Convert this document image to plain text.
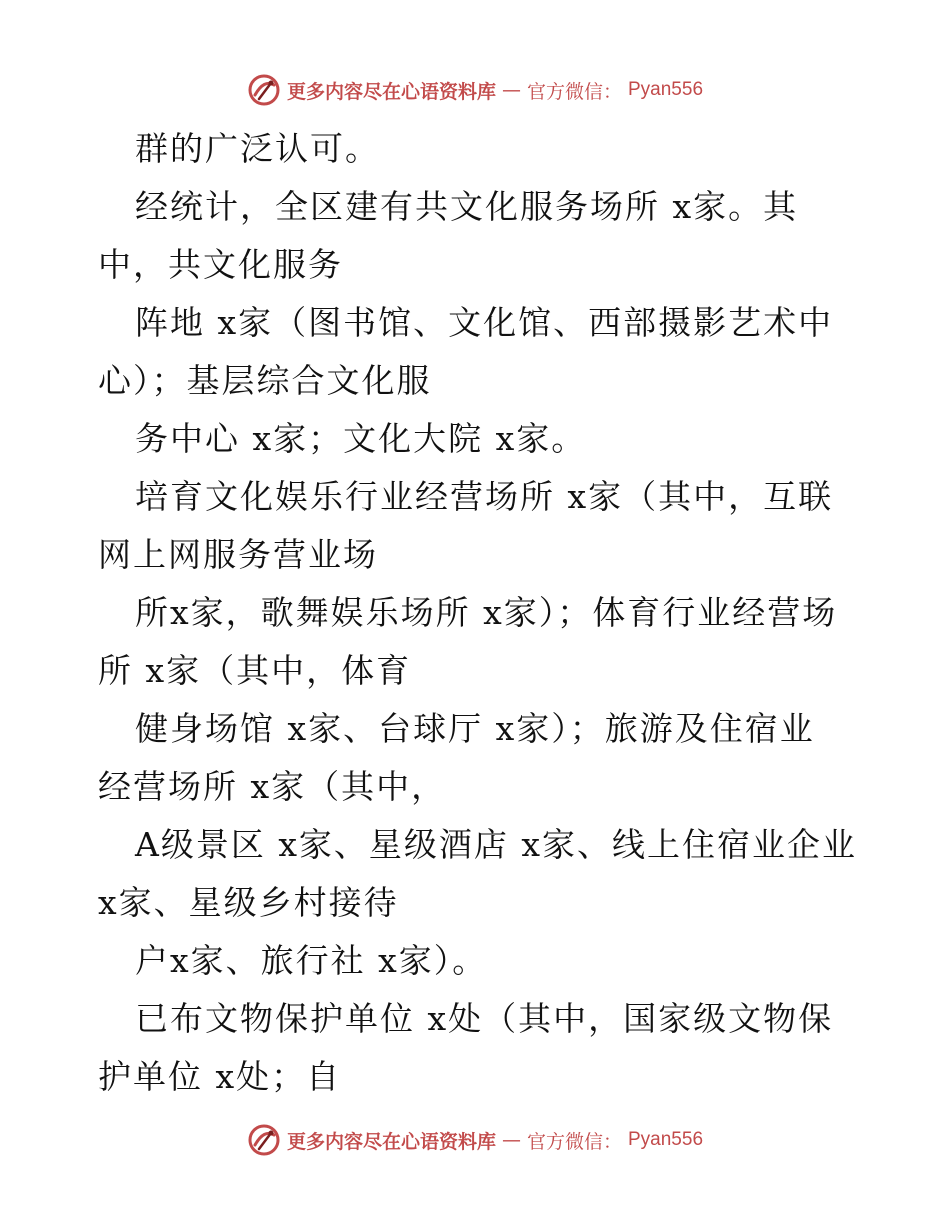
更多内容尽在心语资料库 — 官方微信： Pyan556
群的广泛认可。
经统计，全区建有共文化服务场所 x家。其
中，共文化服务
阵地 x家（图书馆、文化馆、西部摄影艺术中
心）；基层综合文化服
务中心 x家；文化大院 x家。
培育文化娱乐行业经营场所 x家（其中，互联
网上网服务营业场
所x家，歌舞娱乐场所 x家）；体育行业经营场
所 x家（其中，体育
健身场馆 x家、台球厅 x家）；旅游及住宿业
经营场所 x家（其中，
A级景区 x家、星级酒店 x家、线上住宿业企业
x家、星级乡村接待
户x家、旅行社 x家）。
已布文物保护单位 x处（其中，国家级文物保
护单位 x处；自
更多内容尽在心语资料库 — 官方微信： Pyan556
